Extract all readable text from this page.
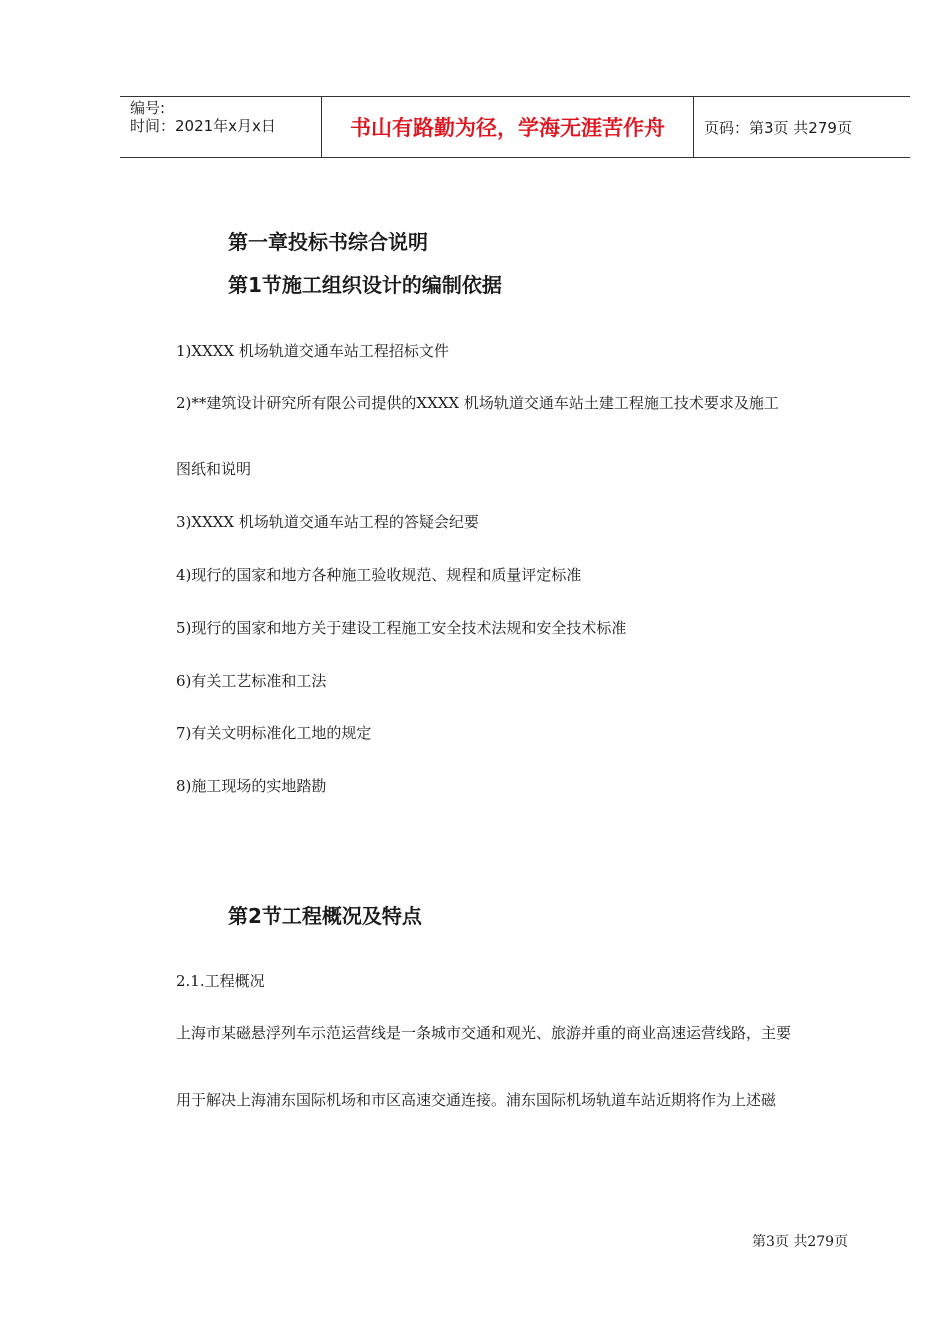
编号:
时间：2021年x月x日	书山有路勤为径，学海无涯苦作舟	页码：第3页 共279页
第一章投标书综合说明
第1节施工组织设计的编制依据
1)XXXX 机场轨道交通车站工程招标文件
2)**建筑设计研究所有限公司提供的XXXX 机场轨道交通车站土建工程施工技术要求及施工
图纸和说明
3)XXXX 机场轨道交通车站工程的答疑会纪要
4)现行的国家和地方各种施工验收规范、规程和质量评定标准
5)现行的国家和地方关于建设工程施工安全技术法规和安全技术标准
6)有关工艺标准和工法
7)有关文明标准化工地的规定
8)施工现场的实地踏勘
第2节工程概况及特点
2.1.工程概况
上海市某磁悬浮列车示范运营线是一条城市交通和观光、旅游并重的商业高速运营线路，主要
用于解决上海浦东国际机场和市区高速交通连接。浦东国际机场轨道车站近期将作为上述磁
第3页 共279页
